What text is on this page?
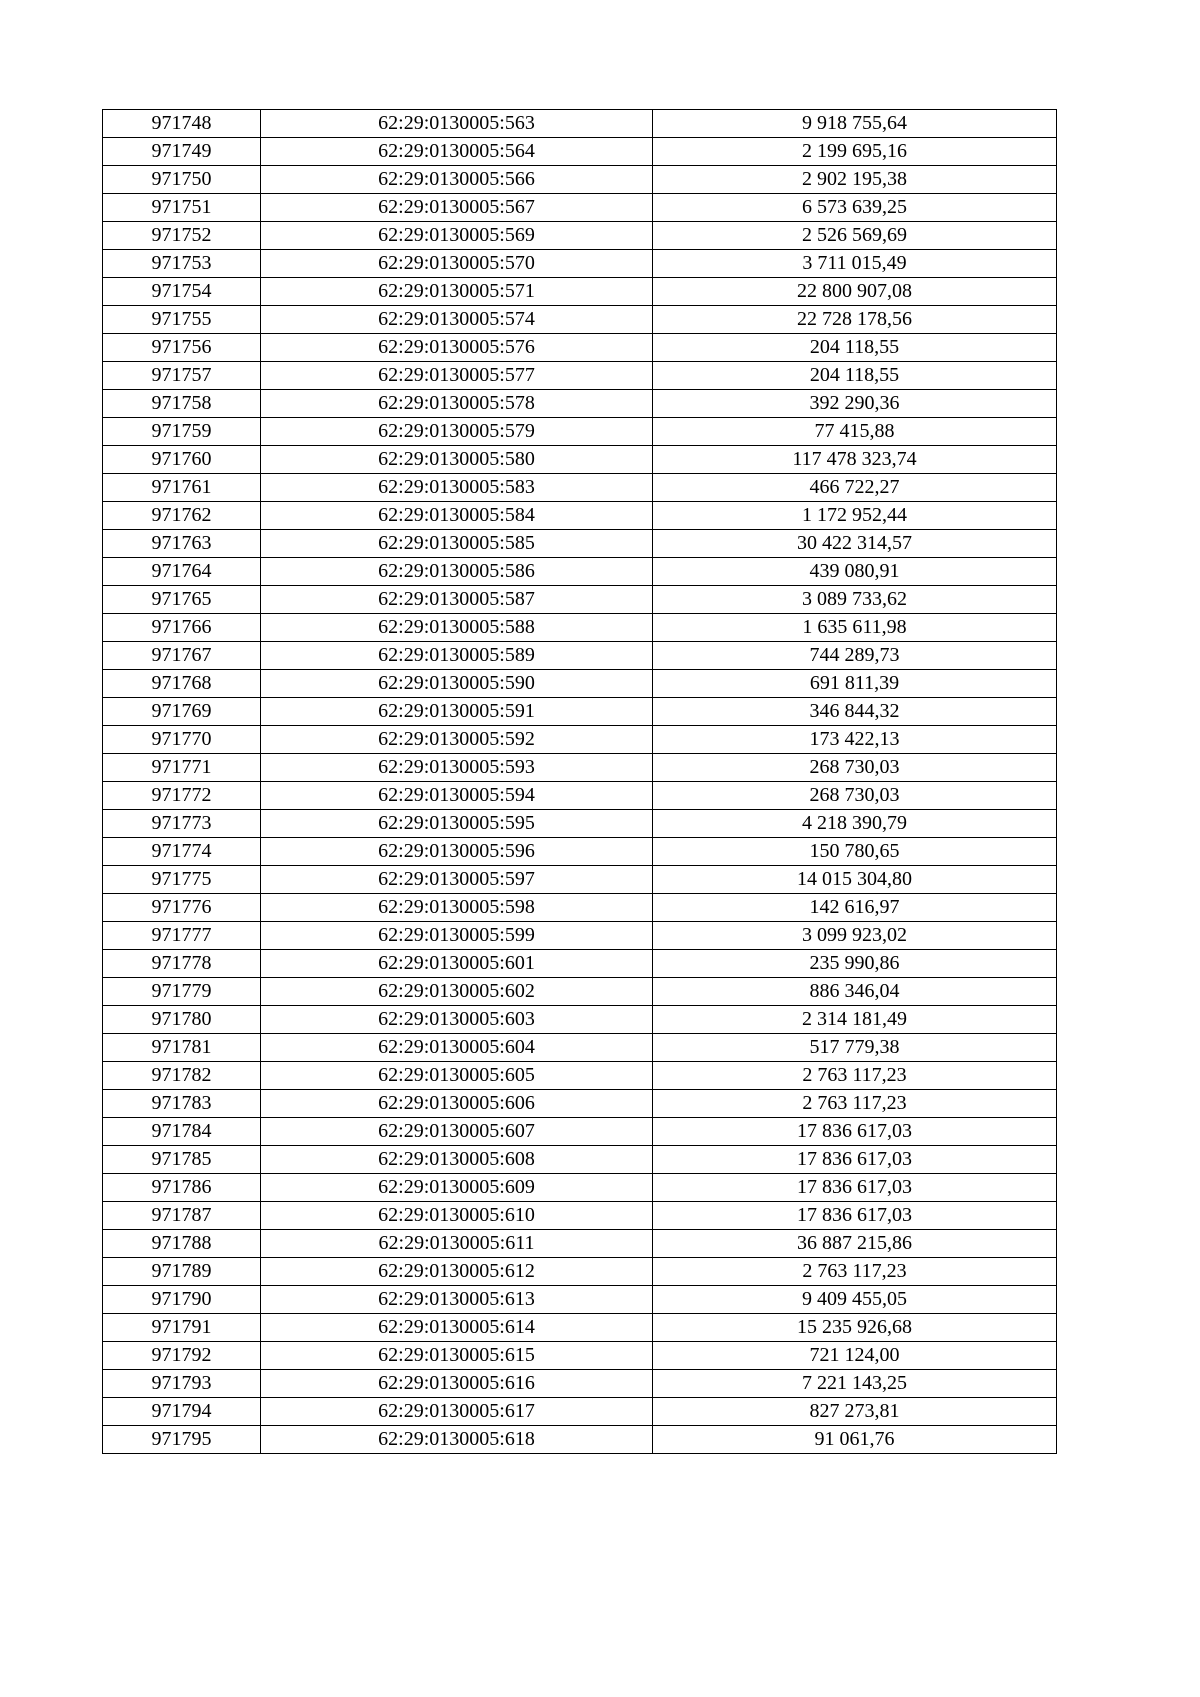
971748	62:29:0130005:563	9 918 755,64
971749	62:29:0130005:564	2 199 695,16
971750	62:29:0130005:566	2 902 195,38
971751	62:29:0130005:567	6 573 639,25
971752	62:29:0130005:569	2 526 569,69
971753	62:29:0130005:570	3 711 015,49
971754	62:29:0130005:571	22 800 907,08
971755	62:29:0130005:574	22 728 178,56
971756	62:29:0130005:576	204 118,55
971757	62:29:0130005:577	204 118,55
971758	62:29:0130005:578	392 290,36
971759	62:29:0130005:579	77 415,88
971760	62:29:0130005:580	117 478 323,74
971761	62:29:0130005:583	466 722,27
971762	62:29:0130005:584	1 172 952,44
971763	62:29:0130005:585	30 422 314,57
971764	62:29:0130005:586	439 080,91
971765	62:29:0130005:587	3 089 733,62
971766	62:29:0130005:588	1 635 611,98
971767	62:29:0130005:589	744 289,73
971768	62:29:0130005:590	691 811,39
971769	62:29:0130005:591	346 844,32
971770	62:29:0130005:592	173 422,13
971771	62:29:0130005:593	268 730,03
971772	62:29:0130005:594	268 730,03
971773	62:29:0130005:595	4 218 390,79
971774	62:29:0130005:596	150 780,65
971775	62:29:0130005:597	14 015 304,80
971776	62:29:0130005:598	142 616,97
971777	62:29:0130005:599	3 099 923,02
971778	62:29:0130005:601	235 990,86
971779	62:29:0130005:602	886 346,04
971780	62:29:0130005:603	2 314 181,49
971781	62:29:0130005:604	517 779,38
971782	62:29:0130005:605	2 763 117,23
971783	62:29:0130005:606	2 763 117,23
971784	62:29:0130005:607	17 836 617,03
971785	62:29:0130005:608	17 836 617,03
971786	62:29:0130005:609	17 836 617,03
971787	62:29:0130005:610	17 836 617,03
971788	62:29:0130005:611	36 887 215,86
971789	62:29:0130005:612	2 763 117,23
971790	62:29:0130005:613	9 409 455,05
971791	62:29:0130005:614	15 235 926,68
971792	62:29:0130005:615	721 124,00
971793	62:29:0130005:616	7 221 143,25
971794	62:29:0130005:617	827 273,81
971795	62:29:0130005:618	91 061,76
